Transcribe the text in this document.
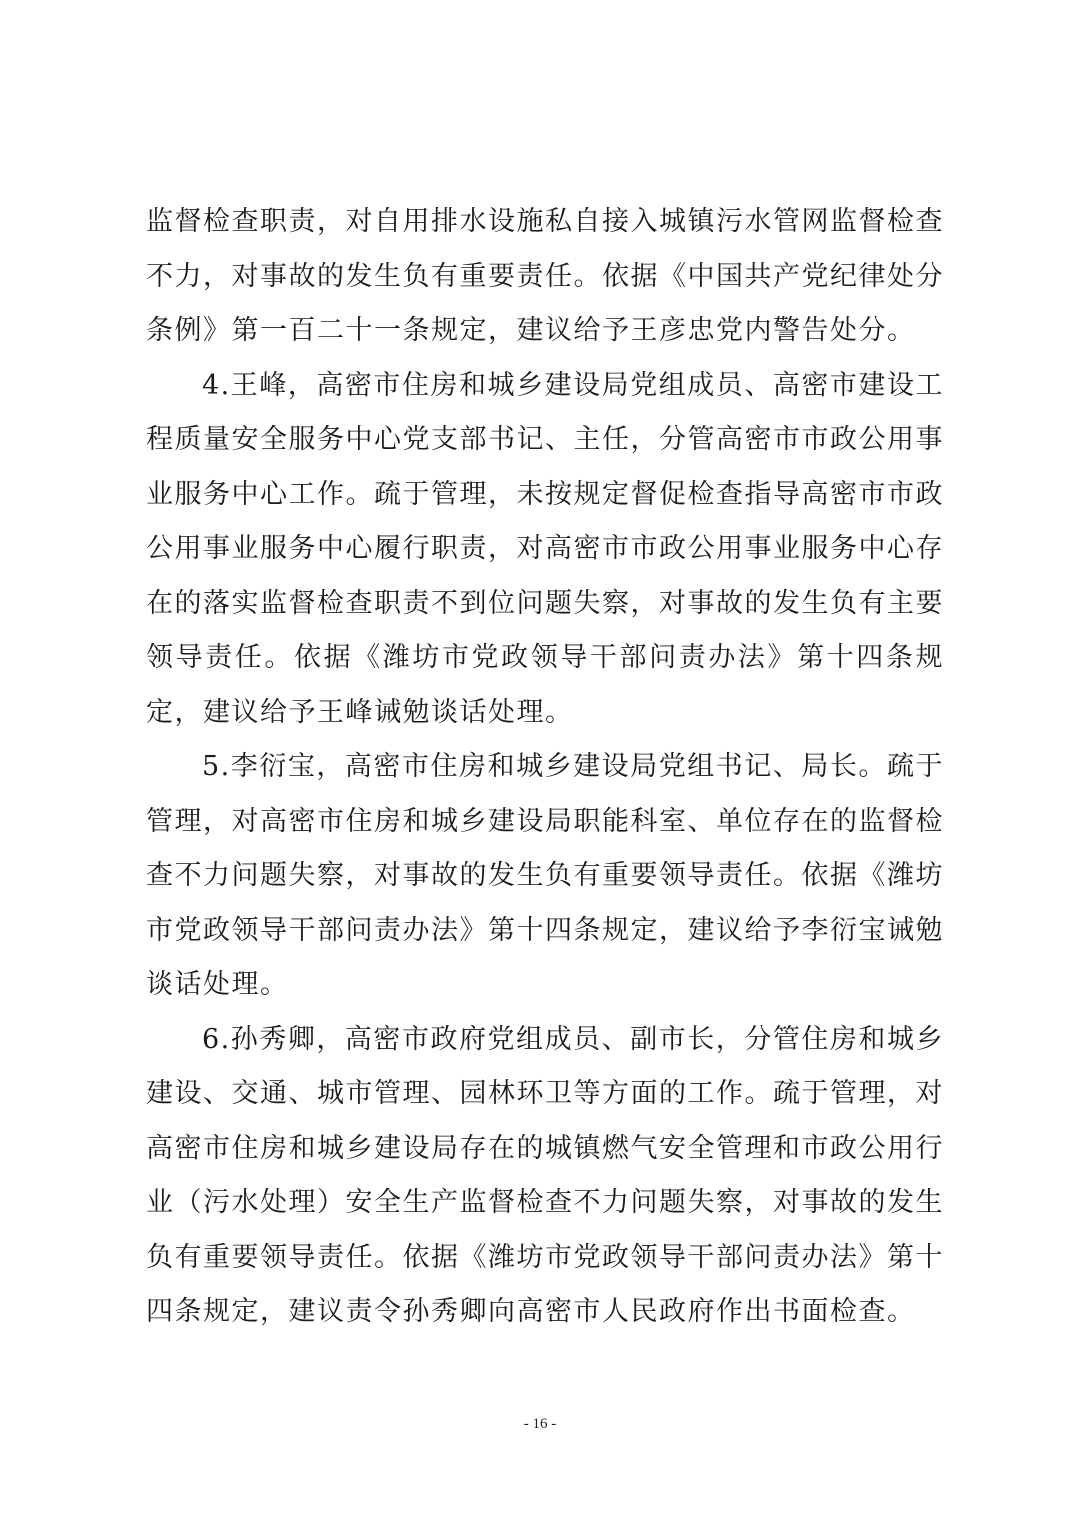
监督检查职责，对自用排水设施私自接入城镇污水管网监督检查不力，对事故的发生负有重要责任。依据《中国共产党纪律处分条例》第一百二十一条规定，建议给予王彦忠党内警告处分。

4.王峰，高密市住房和城乡建设局党组成员、高密市建设工程质量安全服务中心党支部书记、主任，分管高密市市政公用事业服务中心工作。疏于管理，未按规定督促检查指导高密市市政公用事业服务中心履行职责，对高密市市政公用事业服务中心存在的落实监督检查职责不到位问题失察，对事故的发生负有主要领导责任。依据《潍坊市党政领导干部问责办法》第十四条规定，建议给予王峰诫勉谈话处理。

5.李衍宝，高密市住房和城乡建设局党组书记、局长。疏于管理，对高密市住房和城乡建设局职能科室、单位存在的监督检查不力问题失察，对事故的发生负有重要领导责任。依据《潍坊市党政领导干部问责办法》第十四条规定，建议给予李衍宝诫勉谈话处理。

6.孙秀卿，高密市政府党组成员、副市长，分管住房和城乡建设、交通、城市管理、园林环卫等方面的工作。疏于管理，对高密市住房和城乡建设局存在的城镇燃气安全管理和市政公用行业（污水处理）安全生产监督检查不力问题失察，对事故的发生负有重要领导责任。依据《潍坊市党政领导干部问责办法》第十四条规定，建议责令孙秀卿向高密市人民政府作出书面检查。

- 16 -
